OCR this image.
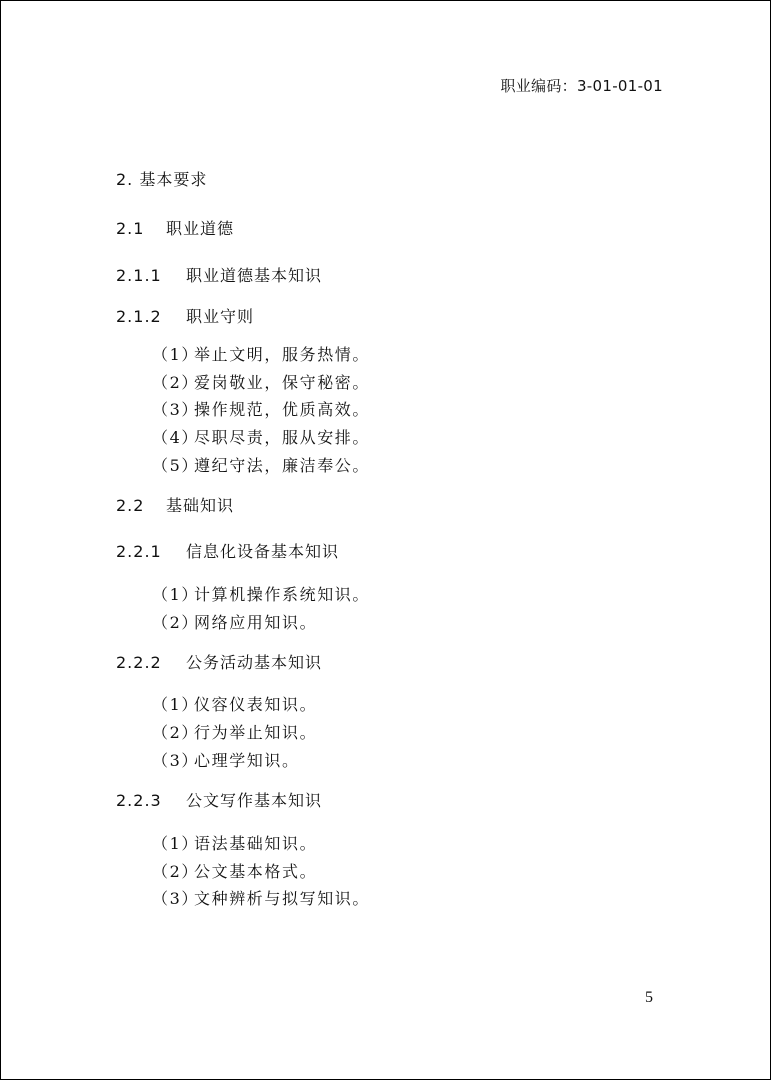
职业编码：3-01-01-01
2. 基本要求
2.1 职业道德
2.1.1 职业道德基本知识
2.1.2 职业守则
（1）举止文明，服务热情。
（2）爱岗敬业，保守秘密。
（3）操作规范，优质高效。
（4）尽职尽责，服从安排。
（5）遵纪守法，廉洁奉公。
2.2 基础知识
2.2.1 信息化设备基本知识
（1）计算机操作系统知识。
（2）网络应用知识。
2.2.2 公务活动基本知识
（1）仪容仪表知识。
（2）行为举止知识。
（3）心理学知识。
2.2.3 公文写作基本知识
（1）语法基础知识。
（2）公文基本格式。
（3）文种辨析与拟写知识。
5
